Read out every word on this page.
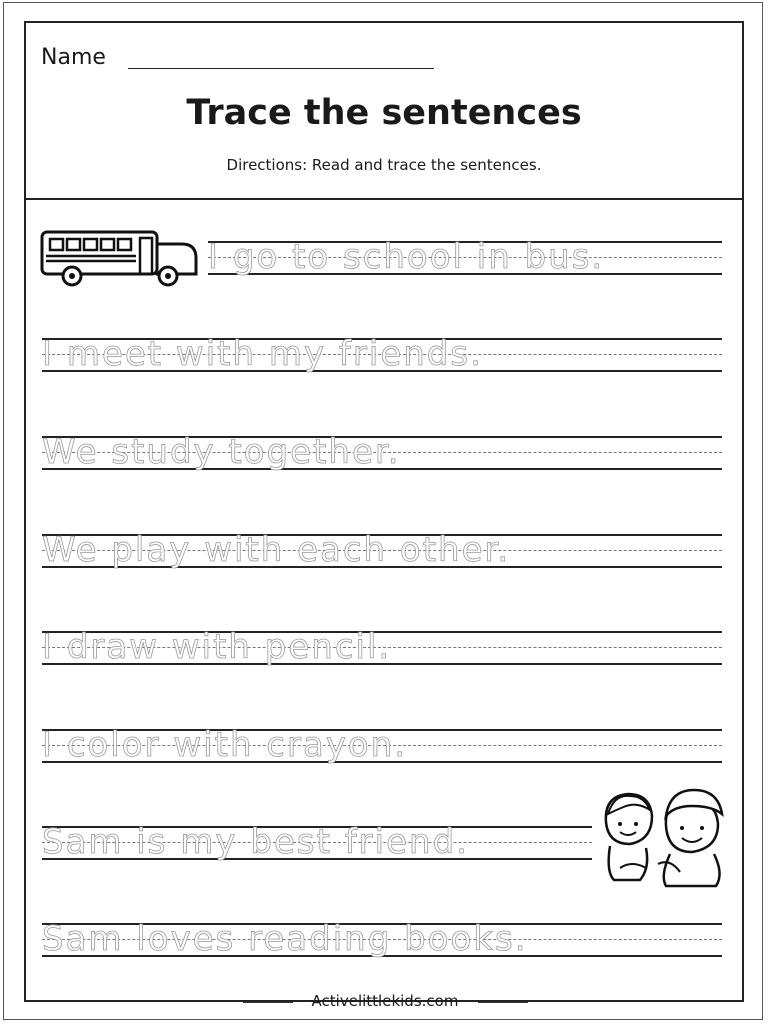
Name
Trace the sentences
Directions: Read and trace the sentences.
I go to school in bus.
I meet with my friends.
We study together.
We play with each other.
I draw with pencil.
I color with crayon.
Sam is my best friend.
Sam loves reading books.
Activelittlekids.com
